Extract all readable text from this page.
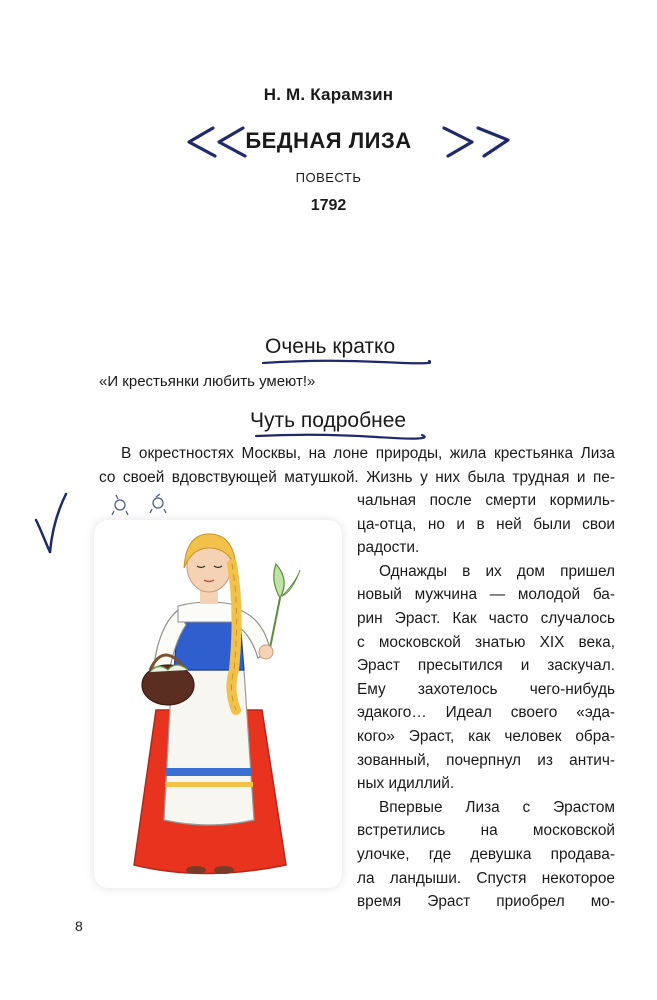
Н. М. Карамзин
БЕДНАЯ ЛИЗА
ПОВЕСТЬ
1792
Очень кратко
«И крестьянки любить умеют!»
Чуть подробнее
В окрестностях Москвы, на лоне природы, жила крестьянка Лиза
со своей вдовствующей матушкой. Жизнь у них была трудная и пе-
чальная после смерти кормиль-
ца-отца, но и в ней были свои
радости.
Однажды в их дом пришел
новый мужчина — молодой ба-
рин Эраст. Как часто случалось
с московской знатью XIX века,
Эраст пресытился и заскучал.
Ему захотелось чего-нибудь
эдакого… Идеал своего «эда-
кого» Эраст, как человек обра-
зованный, почерпнул из антич-
ных идиллий.
Впервые Лиза с Эрастом
встретились на московской
улочке, где девушка продава-
ла ландыши. Спустя некоторое
время Эраст приобрел мо-
8
